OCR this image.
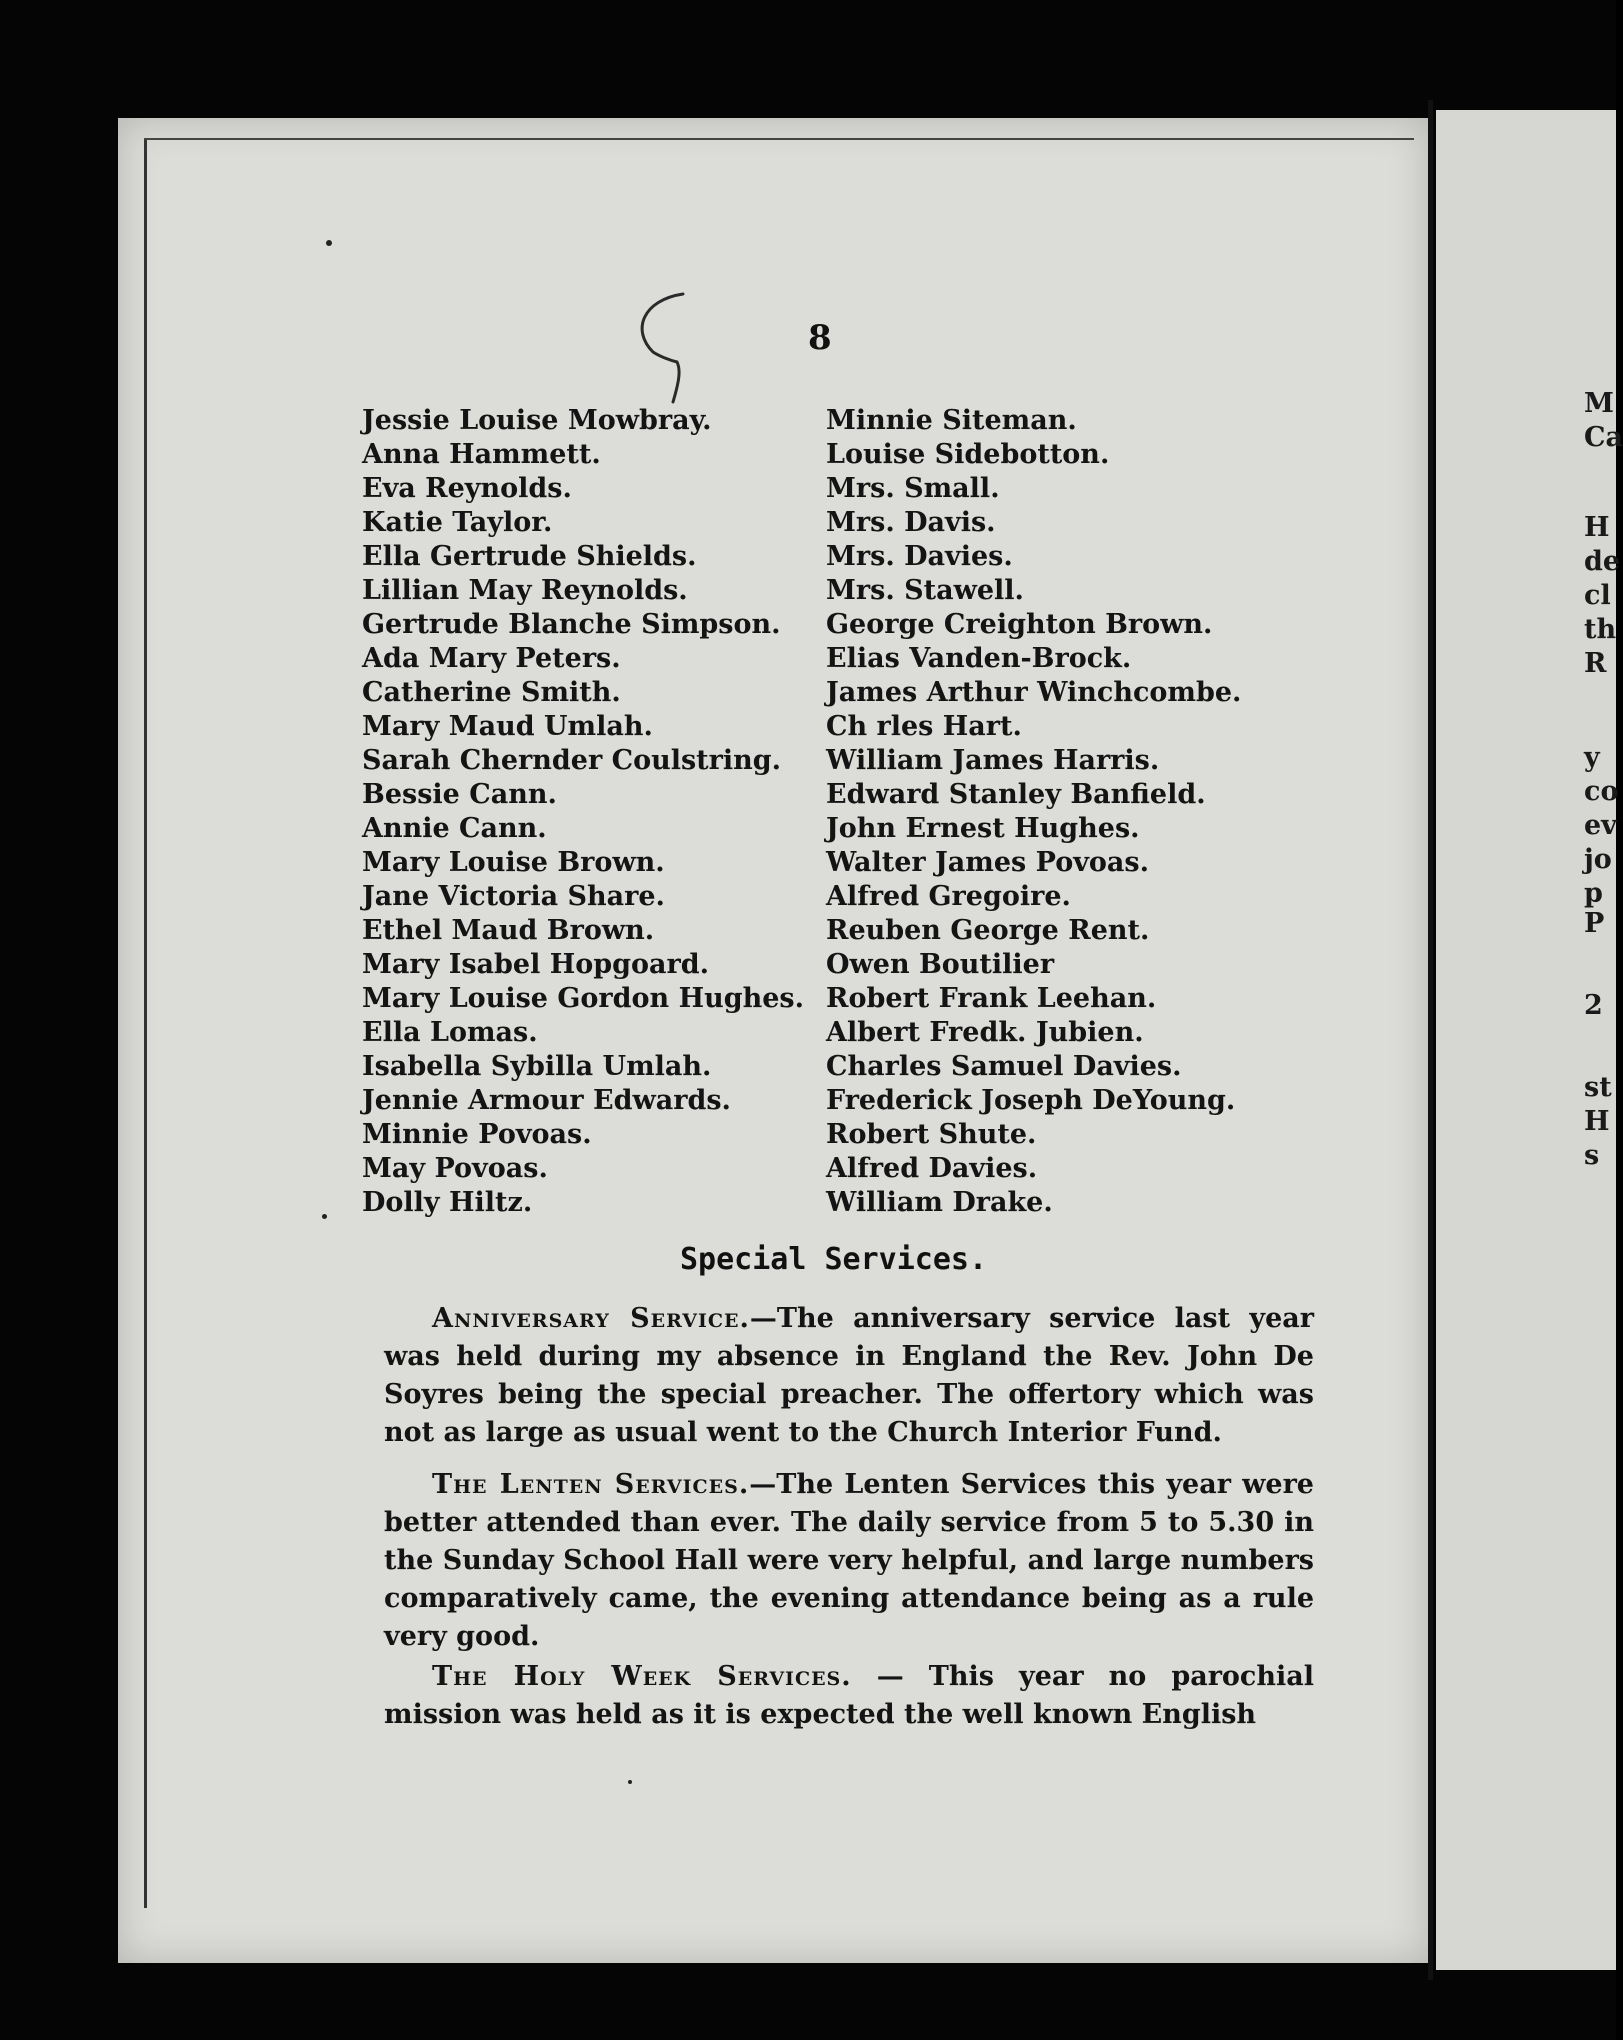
M
Ca
H
de
cl
th
R
y
co
ev
jo
p
P
2
st
H
s
8
Jessie Louise Mowbray.
Anna Hammett.
Eva Reynolds.
Katie Taylor.
Ella Gertrude Shields.
Lillian May Reynolds.
Gertrude Blanche Simpson.
Ada Mary Peters.
Catherine Smith.
Mary Maud Umlah.
Sarah Chernder Coulstring.
Bessie Cann.
Annie Cann.
Mary Louise Brown.
Jane Victoria Share.
Ethel Maud Brown.
Mary Isabel Hopgoard.
Mary Louise Gordon Hughes.
Ella Lomas.
Isabella Sybilla Umlah.
Jennie Armour Edwards.
Minnie Povoas.
May Povoas.
Dolly Hiltz.
Minnie Siteman.
Louise Sidebotton.
Mrs. Small.
Mrs. Davis.
Mrs. Davies.
Mrs. Stawell.
George Creighton Brown.
Elias Vanden-Brock.
James Arthur Winchcombe.
Ch rles Hart.
William James Harris.
Edward Stanley Banfield.
John Ernest Hughes.
Walter James Povoas.
Alfred Gregoire.
Reuben George Rent.
Owen Boutilier
Robert Frank Leehan.
Albert Fredk. Jubien.
Charles Samuel Davies.
Frederick Joseph DeYoung.
Robert Shute.
Alfred Davies.
William Drake.
Special Services.
Anniversary Service.—The anniversary service last year was held during my absence in England the Rev. John De Soyres being the special preacher. The offertory which was not as large as usual went to the Church Interior Fund.
The Lenten Services.—The Lenten Services this year were better attended than ever. The daily service from 5 to 5.30 in the Sunday School Hall were very helpful, and large numbers comparatively came, the evening attendance being as a rule very good.
The Holy Week Services. — This year no parochial mission was held as it is expected the well known English
